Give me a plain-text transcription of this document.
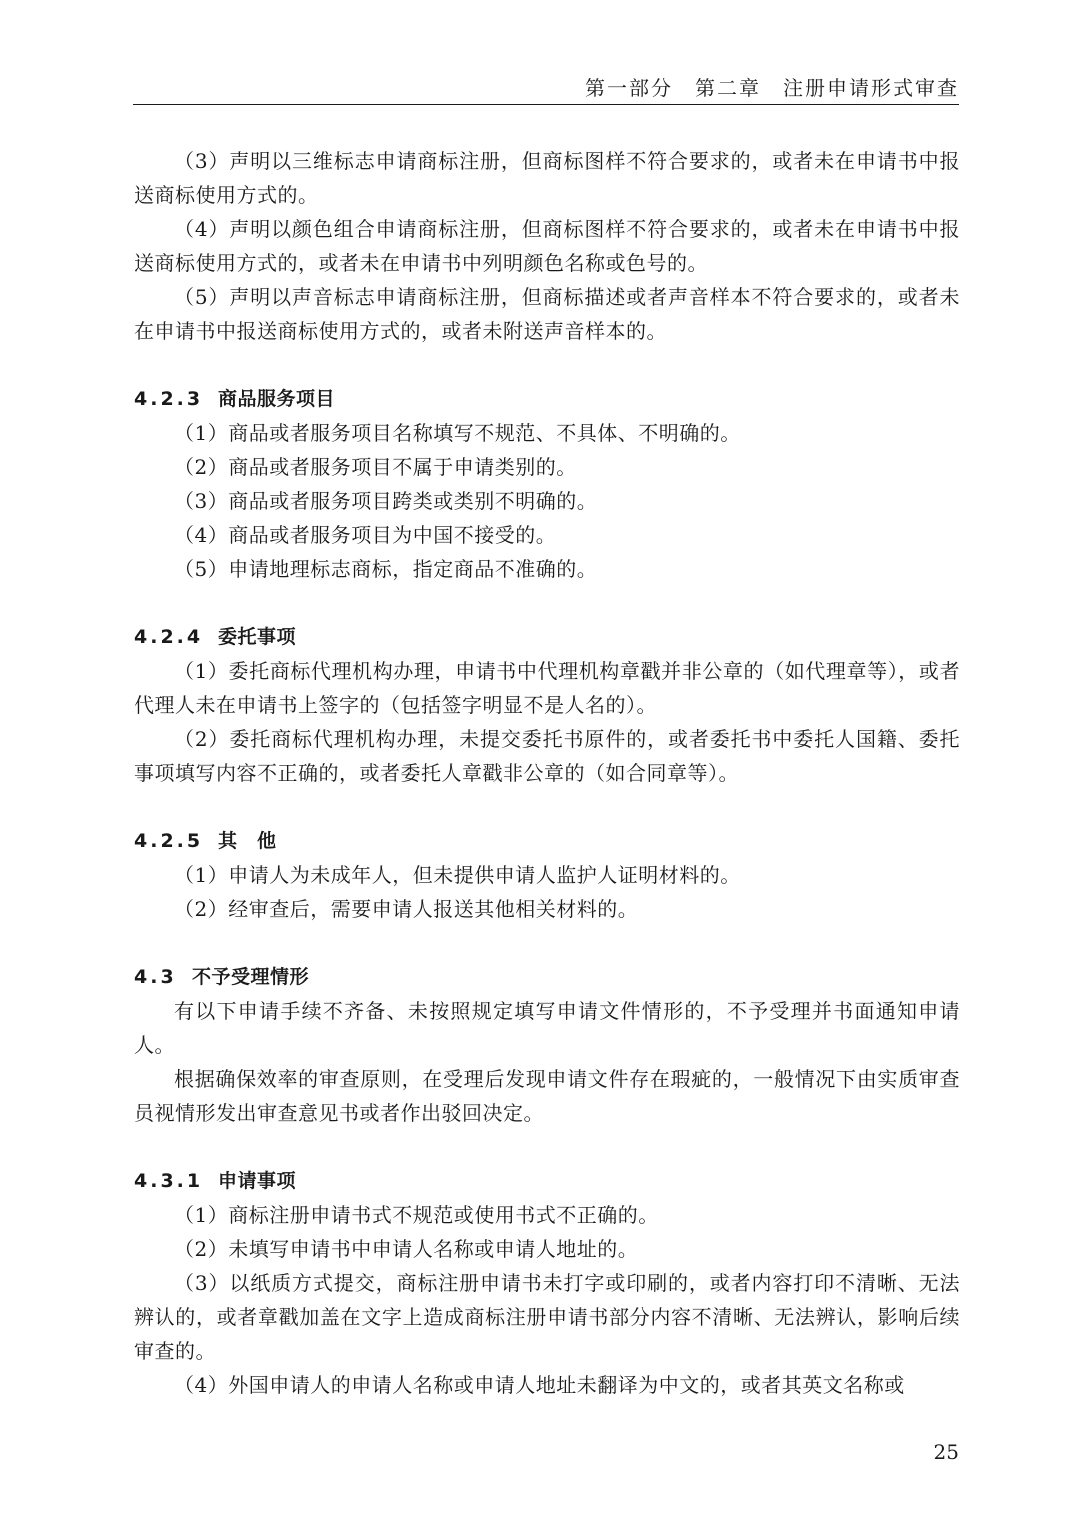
第一部分　第二章　注册申请形式审查

（3）声明以三维标志申请商标注册，但商标图样不符合要求的，或者未在申请书中报送商标使用方式的。

（4）声明以颜色组合申请商标注册，但商标图样不符合要求的，或者未在申请书中报送商标使用方式的，或者未在申请书中列明颜色名称或色号的。

（5）声明以声音标志申请商标注册，但商标描述或者声音样本不符合要求的，或者未在申请书中报送商标使用方式的，或者未附送声音样本的。

4.2.3 商品服务项目

（1）商品或者服务项目名称填写不规范、不具体、不明确的。

（2）商品或者服务项目不属于申请类别的。

（3）商品或者服务项目跨类或类别不明确的。

（4）商品或者服务项目为中国不接受的。

（5）申请地理标志商标，指定商品不准确的。

4.2.4 委托事项

（1）委托商标代理机构办理，申请书中代理机构章戳并非公章的（如代理章等），或者代理人未在申请书上签字的（包括签字明显不是人名的）。

（2）委托商标代理机构办理，未提交委托书原件的，或者委托书中委托人国籍、委托事项填写内容不正确的，或者委托人章戳非公章的（如合同章等）。

4.2.5 其　他

（1）申请人为未成年人，但未提供申请人监护人证明材料的。

（2）经审查后，需要申请人报送其他相关材料的。

4.3 不予受理情形

有以下申请手续不齐备、未按照规定填写申请文件情形的，不予受理并书面通知申请人。

根据确保效率的审查原则，在受理后发现申请文件存在瑕疵的，一般情况下由实质审查员视情形发出审查意见书或者作出驳回决定。

4.3.1 申请事项

（1）商标注册申请书式不规范或使用书式不正确的。

（2）未填写申请书中申请人名称或申请人地址的。

（3）以纸质方式提交，商标注册申请书未打字或印刷的，或者内容打印不清晰、无法辨认的，或者章戳加盖在文字上造成商标注册申请书部分内容不清晰、无法辨认，影响后续审查的。

（4）外国申请人的申请人名称或申请人地址未翻译为中文的，或者其英文名称或

25
